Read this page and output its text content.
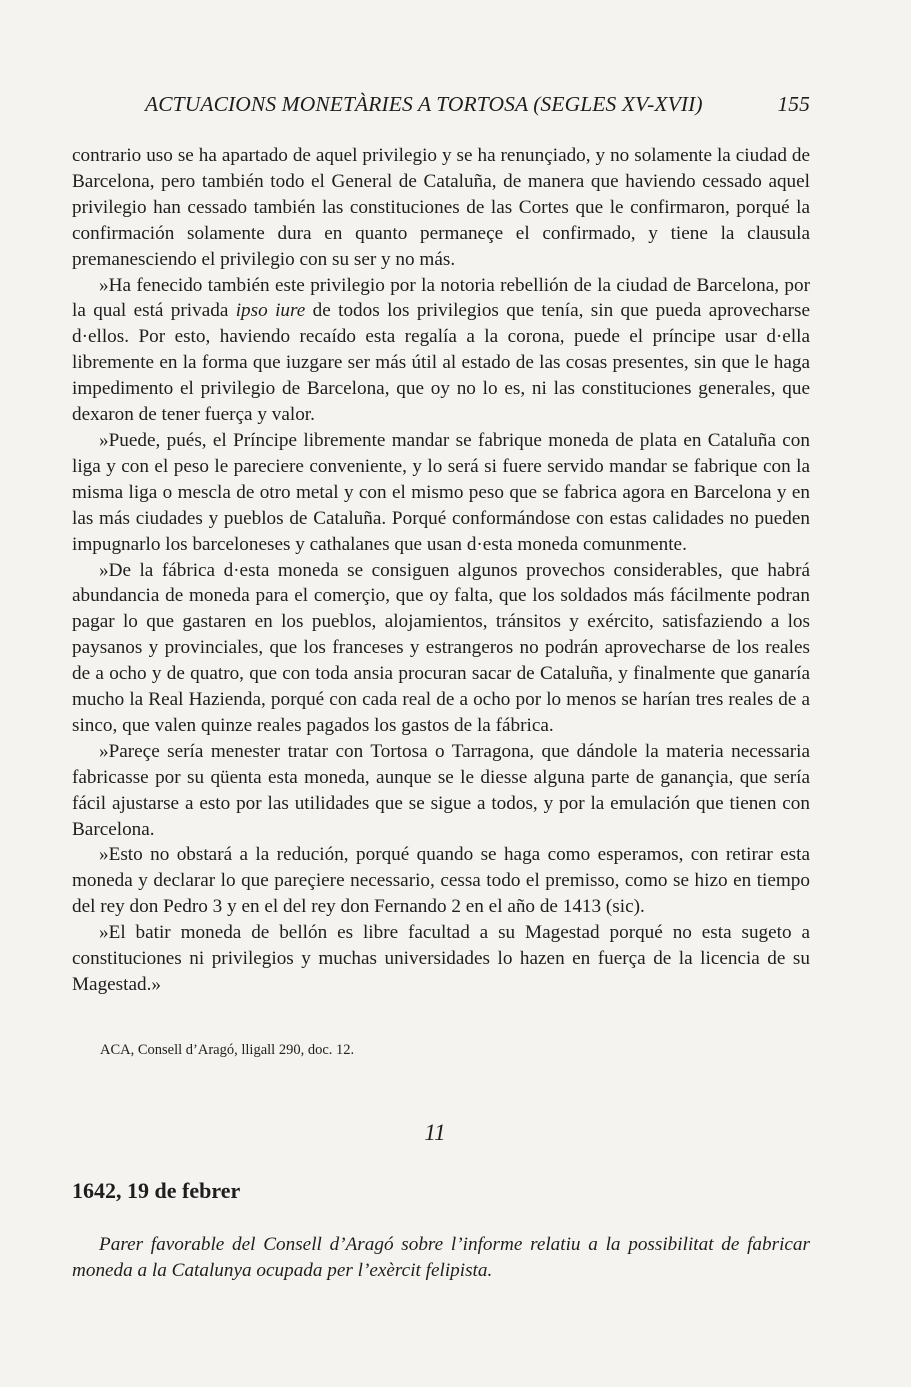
ACTUACIONS MONETÀRIES A TORTOSA (SEGLES XV-XVII)	155

contrario uso se ha apartado de aquel privilegio y se ha renunçiado, y no solamente la ciudad de Barcelona, pero también todo el General de Cataluña, de manera que haviendo cessado aquel privilegio han cessado también las constituciones de las Cortes que le confirmaron, porqué la confirmación solamente dura en quanto permaneçe el confirmado, y tiene la clausula premanesciendo el privilegio con su ser y no más.

»Ha fenecido también este privilegio por la notoria rebellión de la ciudad de Barcelona, por la qual está privada ipso iure de todos los privilegios que tenía, sin que pueda aprovecharse d·ellos. Por esto, haviendo recaído esta regalía a la corona, puede el príncipe usar d·ella libremente en la forma que iuzgare ser más útil al estado de las cosas presentes, sin que le haga impedimento el privilegio de Barcelona, que oy no lo es, ni las constituciones generales, que dexaron de tener fuerça y valor.

»Puede, pués, el Príncipe libremente mandar se fabrique moneda de plata en Cataluña con liga y con el peso le pareciere conveniente, y lo será si fuere servido mandar se fabrique con la misma liga o mescla de otro metal y con el mismo peso que se fabrica agora en Barcelona y en las más ciudades y pueblos de Cataluña. Porqué conformándose con estas calidades no pueden impugnarlo los barceloneses y cathalanes que usan d·esta moneda comunmente.

»De la fábrica d·esta moneda se consiguen algunos provechos considerables, que habrá abundancia de moneda para el comerçio, que oy falta, que los soldados más fácilmente podran pagar lo que gastaren en los pueblos, alojamientos, tránsitos y exército, satisfaziendo a los paysanos y provinciales, que los franceses y estrangeros no podrán aprovecharse de los reales de a ocho y de quatro, que con toda ansia procuran sacar de Cataluña, y finalmente que ganaría mucho la Real Hazienda, porqué con cada real de a ocho por lo menos se harían tres reales de a sinco, que valen quinze reales pagados los gastos de la fábrica.

»Pareçe sería menester tratar con Tortosa o Tarragona, que dándole la materia necessaria fabricasse por su qüenta esta moneda, aunque se le diesse alguna parte de ganançia, que sería fácil ajustarse a esto por las utilidades que se sigue a todos, y por la emulación que tienen con Barcelona.

»Esto no obstará a la redución, porqué quando se haga como esperamos, con retirar esta moneda y declarar lo que pareçiere necessario, cessa todo el premisso, como se hizo en tiempo del rey don Pedro 3 y en el del rey don Fernando 2 en el año de 1413 (sic).

»El batir moneda de bellón es libre facultad a su Magestad porqué no esta sugeto a constituciones ni privilegios y muchas universidades lo hazen en fuerça de la licencia de su Magestad.»

ACA, Consell d’Aragó, lligall 290, doc. 12.
11
1642, 19 de febrer

Parer favorable del Consell d’Aragó sobre l’informe relatiu a la possibilitat de fabricar moneda a la Catalunya ocupada per l’exèrcit felipista.
